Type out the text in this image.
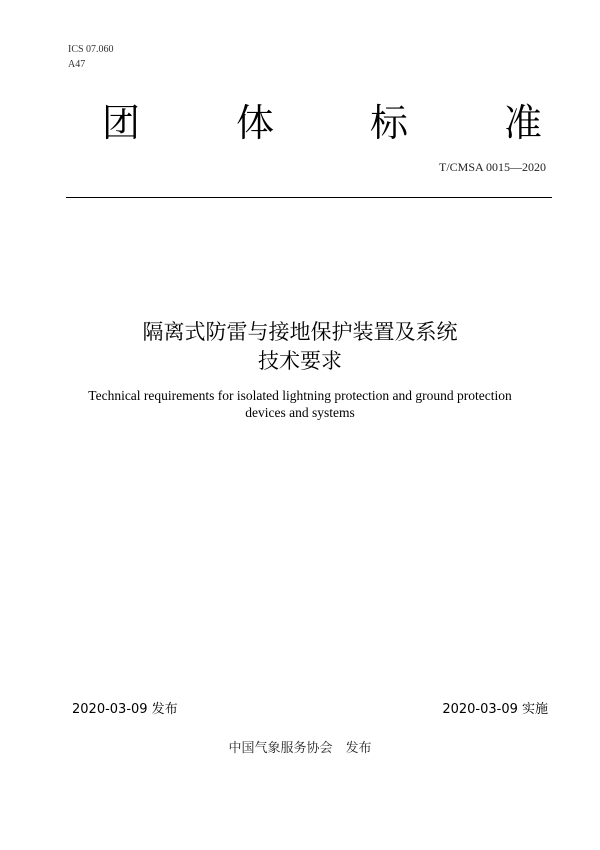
ICS 07.060
A47
团	体	标	准
T/CMSA 0015—2020
隔离式防雷与接地保护装置及系统
技术要求
Technical requirements for isolated lightning protection and ground protection
devices and systems
2020-03-09 发布	2020-03-09 实施
中国气象服务协会　发布
